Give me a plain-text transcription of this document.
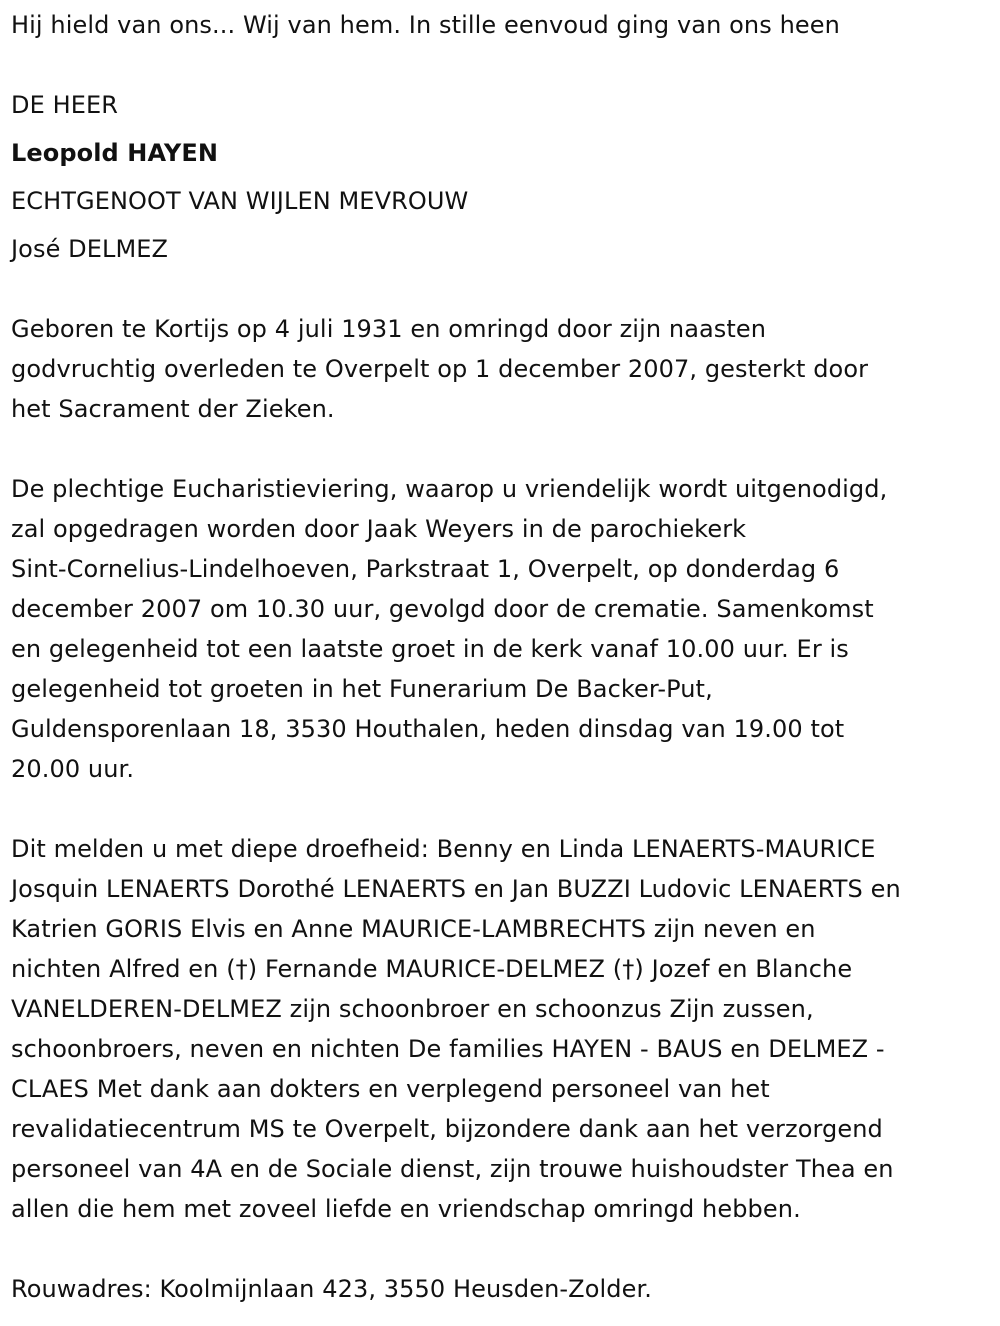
Hij hield van ons... Wij van hem. In stille eenvoud ging van ons heen
DE HEER
Leopold HAYEN
ECHTGENOOT VAN WIJLEN MEVROUW
José DELMEZ
Geboren te Kortijs op 4 juli 1931 en omringd door zijn naasten
godvruchtig overleden te Overpelt op 1 december 2007, gesterkt door
het Sacrament der Zieken.
De plechtige Eucharistieviering, waarop u vriendelijk wordt uitgenodigd,
zal opgedragen worden door Jaak Weyers in de parochiekerk
Sint-Cornelius-Lindelhoeven, Parkstraat 1, Overpelt, op donderdag 6
december 2007 om 10.30 uur, gevolgd door de crematie. Samenkomst
en gelegenheid tot een laatste groet in de kerk vanaf 10.00 uur. Er is
gelegenheid tot groeten in het Funerarium De Backer-Put,
Guldensporenlaan 18, 3530 Houthalen, heden dinsdag van 19.00 tot
20.00 uur.
Dit melden u met diepe droefheid: Benny en Linda LENAERTS-MAURICE
Josquin LENAERTS Dorothé LENAERTS en Jan BUZZI Ludovic LENAERTS en
Katrien GORIS Elvis en Anne MAURICE-LAMBRECHTS zijn neven en
nichten Alfred en (†) Fernande MAURICE-DELMEZ (†) Jozef en Blanche
VANELDEREN-DELMEZ zijn schoonbroer en schoonzus Zijn zussen,
schoonbroers, neven en nichten De families HAYEN - BAUS en DELMEZ -
CLAES Met dank aan dokters en verplegend personeel van het
revalidatiecentrum MS te Overpelt, bijzondere dank aan het verzorgend
personeel van 4A en de Sociale dienst, zijn trouwe huishoudster Thea en
allen die hem met zoveel liefde en vriendschap omringd hebben.
Rouwadres: Koolmijnlaan 423, 3550 Heusden-Zolder.
